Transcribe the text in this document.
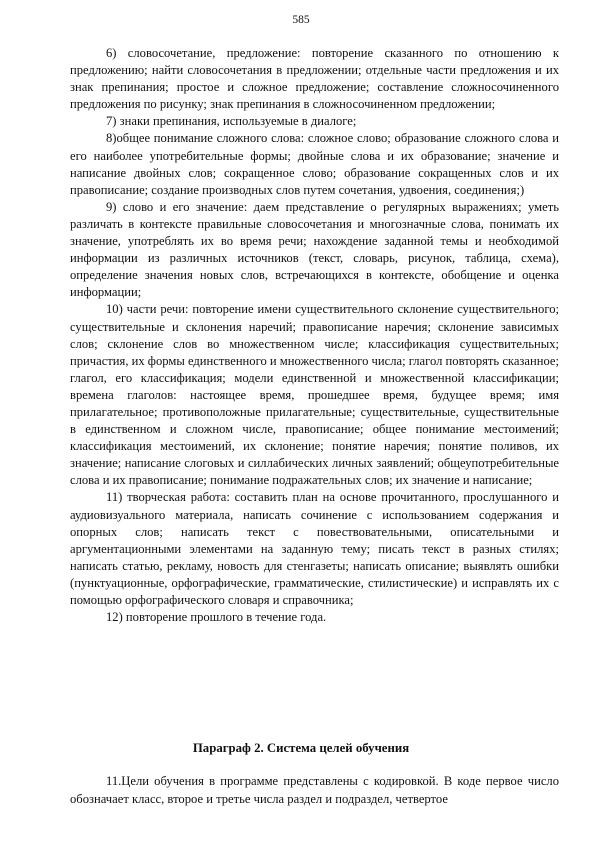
585

6) словосочетание, предложение: повторение сказанного по отношению к предложению; найти словосочетания в предложении; отдельные части предложения и их знак препинания; простое и сложное предложение; составление сложносочиненного предложения по рисунку; знак препинания в сложносочиненном предложении;

7) знаки препинания, используемые в диалоге;

8)общее понимание сложного слова: сложное слово; образование сложного слова и его наиболее употребительные формы; двойные слова и их образование; значение и написание двойных слов; сокращенное слово; образование сокращенных слов и их правописание; создание производных слов путем сочетания, удвоения, соединения;)

9) слово и его значение: даем представление о регулярных выражениях; уметь различать в контексте правильные словосочетания и многозначные слова, понимать их значение, употреблять их во время речи; нахождение заданной темы и необходимой информации из различных источников (текст, словарь, рисунок, таблица, схема), определение значения новых слов, встречающихся в контексте, обобщение и оценка информации;

10) части речи: повторение имени существительного склонение существительного; существительные и склонения наречий; правописание наречия; склонение зависимых слов; склонение слов во множественном числе; классификация существительных; причастия, их формы единственного и множественного числа; глагол повторять сказанное; глагол, его классификация; модели единственной и множественной классификации; времена глаголов: настоящее время, прошедшее время, будущее время; имя прилагательное; противоположные прилагательные; существительные, существительные в единственном и сложном числе, правописание; общее понимание местоимений; классификация местоимений, их склонение; понятие наречия; понятие поливов, их значение; написание слоговых и силлабических личных заявлений; общеупотребительные слова и их правописание; понимание подражательных слов; их значение и написание;

11) творческая работа: составить план на основе прочитанного, прослушанного и аудиовизуального материала, написать сочинение с использованием содержания и опорных слов; написать текст с повествовательными, описательными и аргументационными элементами на заданную тему; писать текст в разных стилях; написать статью, рекламу, новость для стенгазеты; написать описание; выявлять ошибки (пунктуационные, орфографические, грамматические, стилистические) и исправлять их с помощью орфографического словаря и справочника;

12) повторение прошлого в течение года.

Параграф 2. Система целей обучения

11.Цели обучения в программе представлены с кодировкой. В коде первое число обозначает класс, второе и третье числа раздел и подраздел, четвертое
